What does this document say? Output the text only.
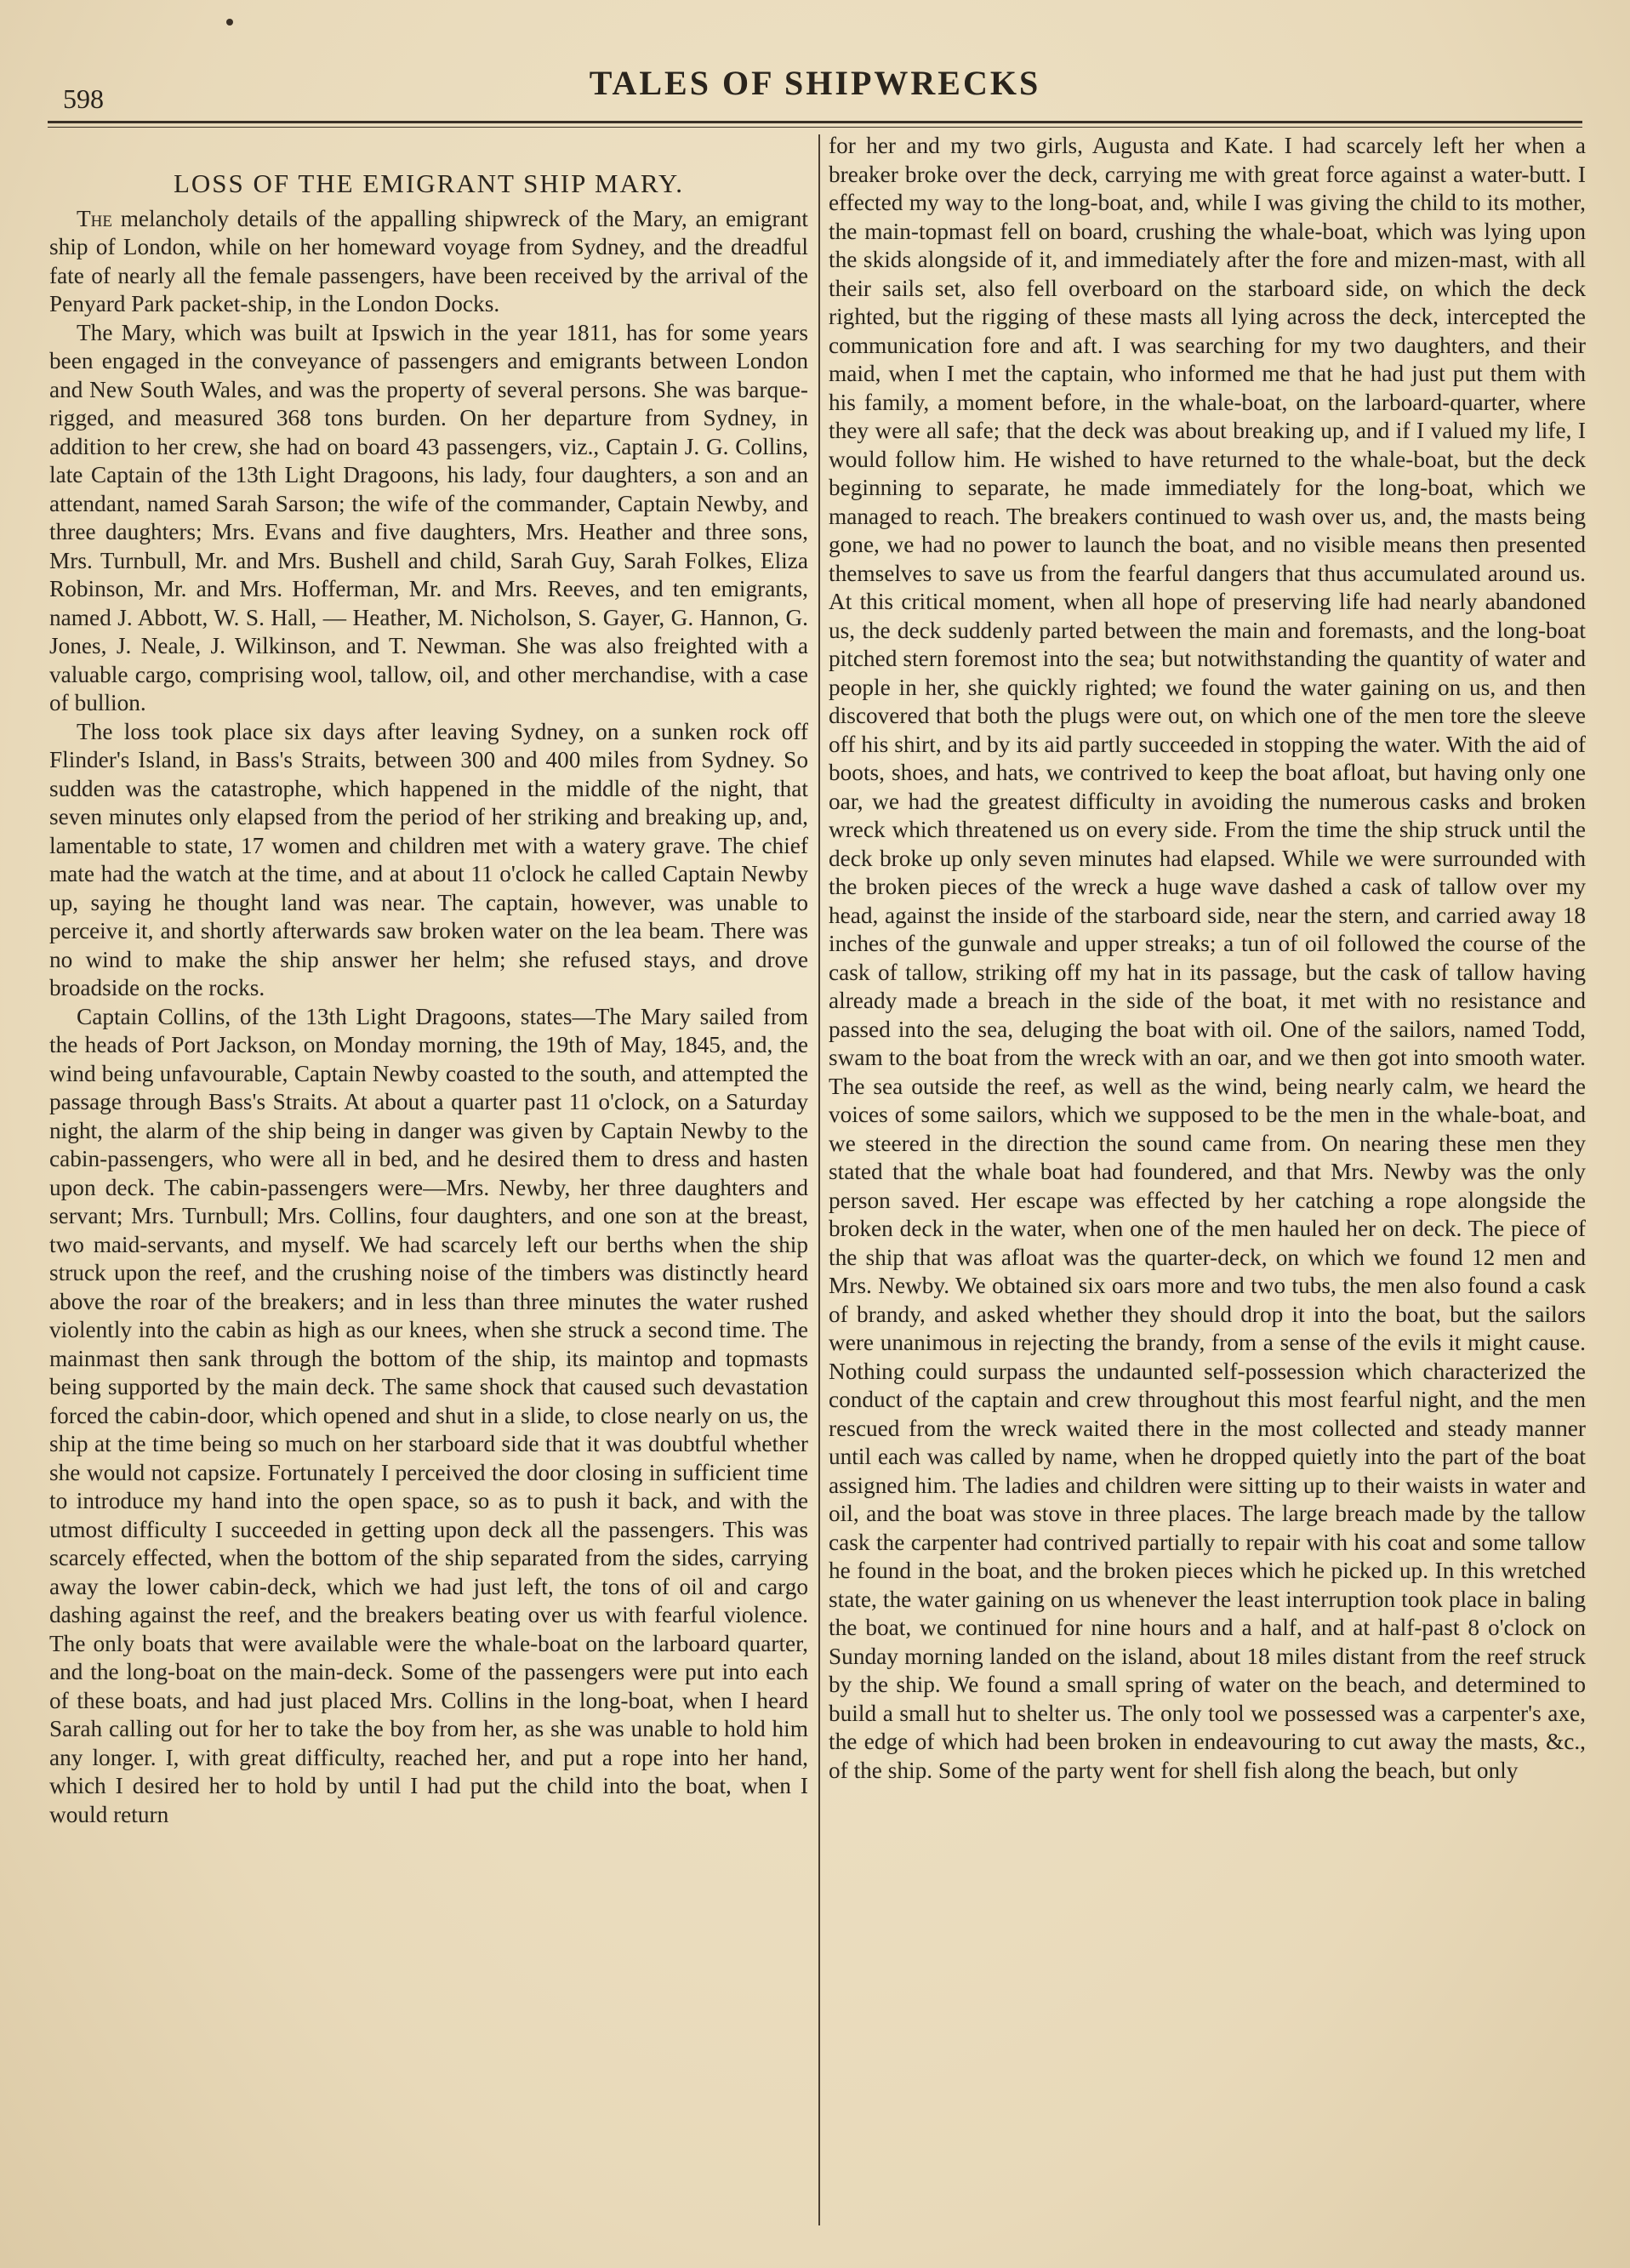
598	TALES OF SHIPWRECKS
LOSS OF THE EMIGRANT SHIP MARY.

The melancholy details of the appalling shipwreck of the Mary, an emigrant ship of London, while on her homeward voyage from Sydney, and the dreadful fate of nearly all the female passengers, have been received by the arrival of the Penyard Park packet-ship, in the London Docks.

The Mary, which was built at Ipswich in the year 1811, has for some years been engaged in the conveyance of passengers and emigrants between London and New South Wales, and was the property of several persons. She was barque-rigged, and measured 368 tons burden. On her departure from Sydney, in addition to her crew, she had on board 43 passengers, viz., Captain J. G. Collins, late Captain of the 13th Light Dragoons, his lady, four daughters, a son and an attendant, named Sarah Sarson; the wife of the commander, Captain Newby, and three daughters; Mrs. Evans and five daughters, Mrs. Heather and three sons, Mrs. Turnbull, Mr. and Mrs. Bushell and child, Sarah Guy, Sarah Folkes, Eliza Robinson, Mr. and Mrs. Hofferman, Mr. and Mrs. Reeves, and ten emigrants, named J. Abbott, W. S. Hall, — Heather, M. Nicholson, S. Gayer, G. Hannon, G. Jones, J. Neale, J. Wilkinson, and T. Newman. She was also freighted with a valuable cargo, comprising wool, tallow, oil, and other merchandise, with a case of bullion.

The loss took place six days after leaving Sydney, on a sunken rock off Flinder's Island, in Bass's Straits, between 300 and 400 miles from Sydney. So sudden was the catastrophe, which happened in the middle of the night, that seven minutes only elapsed from the period of her striking and breaking up, and, lamentable to state, 17 women and children met with a watery grave. The chief mate had the watch at the time, and at about 11 o'clock he called Captain Newby up, saying he thought land was near. The captain, however, was unable to perceive it, and shortly afterwards saw broken water on the lea beam. There was no wind to make the ship answer her helm; she refused stays, and drove broadside on the rocks.

Captain Collins, of the 13th Light Dragoons, states—The Mary sailed from the heads of Port Jackson, on Monday morning, the 19th of May, 1845, and, the wind being unfavourable, Captain Newby coasted to the south, and attempted the passage through Bass's Straits. At about a quarter past 11 o'clock, on a Saturday night, the alarm of the ship being in danger was given by Captain Newby to the cabin-passengers, who were all in bed, and he desired them to dress and hasten upon deck. The cabin-passengers were—Mrs. Newby, her three daughters and servant; Mrs. Turnbull; Mrs. Collins, four daughters, and one son at the breast, two maid-servants, and myself. We had scarcely left our berths when the ship struck upon the reef, and the crushing noise of the timbers was distinctly heard above the roar of the breakers; and in less than three minutes the water rushed violently into the cabin as high as our knees, when she struck a second time. The mainmast then sank through the bottom of the ship, its maintop and topmasts being supported by the main deck. The same shock that caused such devastation forced the cabin-door, which opened and shut in a slide, to close nearly on us, the ship at the time being so much on her starboard side that it was doubtful whether she would not capsize. Fortunately I perceived the door closing in sufficient time to introduce my hand into the open space, so as to push it back, and with the utmost difficulty I succeeded in getting upon deck all the passengers. This was scarcely effected, when the bottom of the ship separated from the sides, carrying away the lower cabin-deck, which we had just left, the tons of oil and cargo dashing against the reef, and the breakers beating over us with fearful violence. The only boats that were available were the whale-boat on the larboard quarter, and the long-boat on the main-deck. Some of the passengers were put into each of these boats, and had just placed Mrs. Collins in the long-boat, when I heard Sarah calling out for her to take the boy from her, as she was unable to hold him any longer. I, with great difficulty, reached her, and put a rope into her hand, which I desired her to hold by until I had put the child into the boat, when I would return

for her and my two girls, Augusta and Kate. I had scarcely left her when a breaker broke over the deck, carrying me with great force against a water-butt. I effected my way to the long-boat, and, while I was giving the child to its mother, the main-topmast fell on board, crushing the whale-boat, which was lying upon the skids alongside of it, and immediately after the fore and mizen-mast, with all their sails set, also fell overboard on the starboard side, on which the deck righted, but the rigging of these masts all lying across the deck, intercepted the communication fore and aft. I was searching for my two daughters, and their maid, when I met the captain, who informed me that he had just put them with his family, a moment before, in the whale-boat, on the larboard-quarter, where they were all safe; that the deck was about breaking up, and if I valued my life, I would follow him. He wished to have returned to the whale-boat, but the deck beginning to separate, he made immediately for the long-boat, which we managed to reach. The breakers continued to wash over us, and, the masts being gone, we had no power to launch the boat, and no visible means then presented themselves to save us from the fearful dangers that thus accumulated around us. At this critical moment, when all hope of preserving life had nearly abandoned us, the deck suddenly parted between the main and foremasts, and the long-boat pitched stern foremost into the sea; but notwithstanding the quantity of water and people in her, she quickly righted; we found the water gaining on us, and then discovered that both the plugs were out, on which one of the men tore the sleeve off his shirt, and by its aid partly succeeded in stopping the water. With the aid of boots, shoes, and hats, we contrived to keep the boat afloat, but having only one oar, we had the greatest difficulty in avoiding the numerous casks and broken wreck which threatened us on every side. From the time the ship struck until the deck broke up only seven minutes had elapsed. While we were surrounded with the broken pieces of the wreck a huge wave dashed a cask of tallow over my head, against the inside of the starboard side, near the stern, and carried away 18 inches of the gunwale and upper streaks; a tun of oil followed the course of the cask of tallow, striking off my hat in its passage, but the cask of tallow having already made a breach in the side of the boat, it met with no resistance and passed into the sea, deluging the boat with oil. One of the sailors, named Todd, swam to the boat from the wreck with an oar, and we then got into smooth water. The sea outside the reef, as well as the wind, being nearly calm, we heard the voices of some sailors, which we supposed to be the men in the whale-boat, and we steered in the direction the sound came from. On nearing these men they stated that the whale boat had foundered, and that Mrs. Newby was the only person saved. Her escape was effected by her catching a rope alongside the broken deck in the water, when one of the men hauled her on deck. The piece of the ship that was afloat was the quarter-deck, on which we found 12 men and Mrs. Newby. We obtained six oars more and two tubs, the men also found a cask of brandy, and asked whether they should drop it into the boat, but the sailors were unanimous in rejecting the brandy, from a sense of the evils it might cause. Nothing could surpass the undaunted self-possession which characterized the conduct of the captain and crew throughout this most fearful night, and the men rescued from the wreck waited there in the most collected and steady manner until each was called by name, when he dropped quietly into the part of the boat assigned him. The ladies and children were sitting up to their waists in water and oil, and the boat was stove in three places. The large breach made by the tallow cask the carpenter had contrived partially to repair with his coat and some tallow he found in the boat, and the broken pieces which he picked up. In this wretched state, the water gaining on us whenever the least interruption took place in baling the boat, we continued for nine hours and a half, and at half-past 8 o'clock on Sunday morning landed on the island, about 18 miles distant from the reef struck by the ship. We found a small spring of water on the beach, and determined to build a small hut to shelter us. The only tool we possessed was a carpenter's axe, the edge of which had been broken in endeavouring to cut away the masts, &c., of the ship. Some of the party went for shell fish along the beach, but only
